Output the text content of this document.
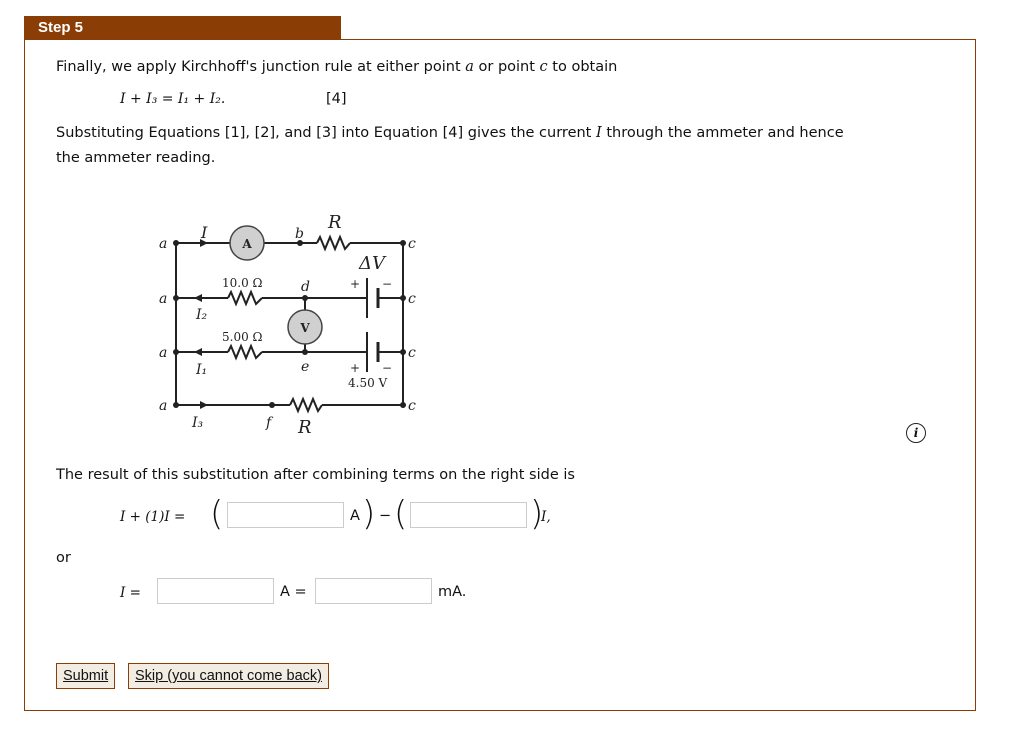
Step 5
Finally, we apply Kirchhoff's junction rule at either point a or point c to obtain
I + I₃ = I₁ + I₂.	[4]
Substituting Equations [1], [2], and [3] into Equation [4] gives the current I through the ammeter and hence
the ammeter reading.
A
V
a
a
a
a
c
c
c
c
I	b
R
ΔV
10.0 Ω	d	+ −
I₂
5.00 Ω
e
I₁	+ −
4.50 V
I₃	f R	i
The result of this substitution after combining terms on the right side is
I + (1)I = (	A ) − (	)
I,
or
I =	A =	mA.
Submit	Skip (you cannot come back)
